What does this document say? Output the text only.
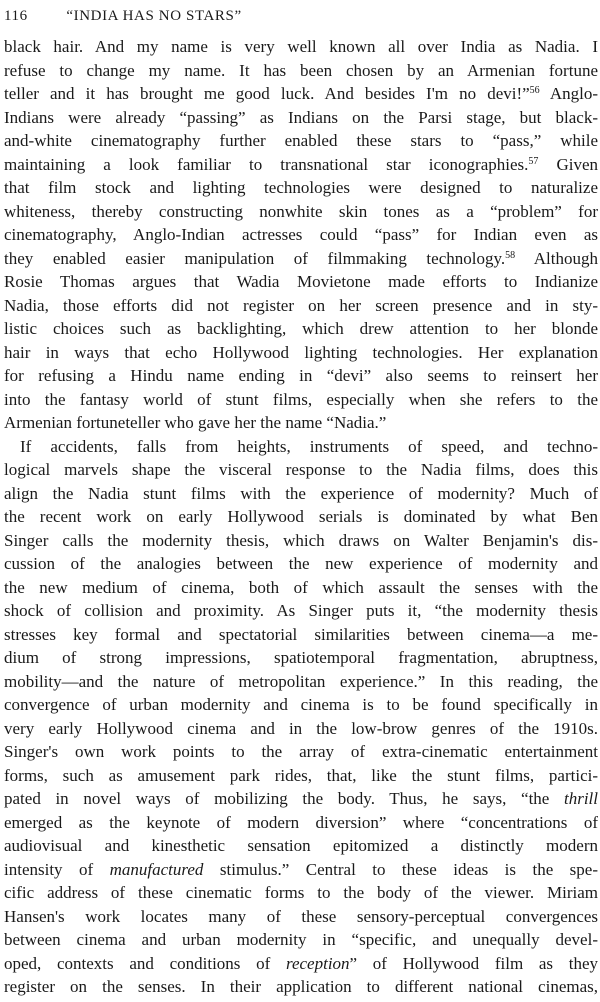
116	“INDIA HAS NO STARS”
black hair. And my name is very well known all over India as Nadia. I
refuse to change my name. It has been chosen by an Armenian fortune
teller and it has brought me good luck. And besides I'm no devi!”$^{56}$ Anglo-
Indians were already “passing” as Indians on the Parsi stage, but black-
and-white cinematography further enabled these stars to “pass,” while
maintaining a look familiar to transnational star iconographies.$^{57}$ Given
that film stock and lighting technologies were designed to naturalize
whiteness, thereby constructing nonwhite skin tones as a “problem” for
cinematography, Anglo-Indian actresses could “pass” for Indian even as
they enabled easier manipulation of filmmaking technology.$^{58}$ Although
Rosie Thomas argues that Wadia Movietone made efforts to Indianize
Nadia, those efforts did not register on her screen presence and in sty-
listic choices such as backlighting, which drew attention to her blonde
hair in ways that echo Hollywood lighting technologies. Her explanation
for refusing a Hindu name ending in “devi” also seems to reinsert her
into the fantasy world of stunt films, especially when she refers to the
Armenian fortuneteller who gave her the name “Nadia.”
If accidents, falls from heights, instruments of speed, and techno-
logical marvels shape the visceral response to the Nadia films, does this
align the Nadia stunt films with the experience of modernity? Much of
the recent work on early Hollywood serials is dominated by what Ben
Singer calls the modernity thesis, which draws on Walter Benjamin's dis-
cussion of the analogies between the new experience of modernity and
the new medium of cinema, both of which assault the senses with the
shock of collision and proximity. As Singer puts it, “the modernity thesis
stresses key formal and spectatorial similarities between cinema—a me-
dium of strong impressions, spatiotemporal fragmentation, abruptness,
mobility—and the nature of metropolitan experience.” In this reading, the
convergence of urban modernity and cinema is to be found specifically in
very early Hollywood cinema and in the low-brow genres of the 1910s.
Singer's own work points to the array of extra-cinematic entertainment
forms, such as amusement park rides, that, like the stunt films, partici-
pated in novel ways of mobilizing the body. Thus, he says, “the thrill
emerged as the keynote of modern diversion” where “concentrations of
audiovisual and kinesthetic sensation epitomized a distinctly modern
intensity of manufactured stimulus.” Central to these ideas is the spe-
cific address of these cinematic forms to the body of the viewer. Miriam
Hansen's work locates many of these sensory-perceptual convergences
between cinema and urban modernity in “specific, and unequally devel-
oped, contexts and conditions of reception” of Hollywood film as they
register on the senses. In their application to different national cinemas,
